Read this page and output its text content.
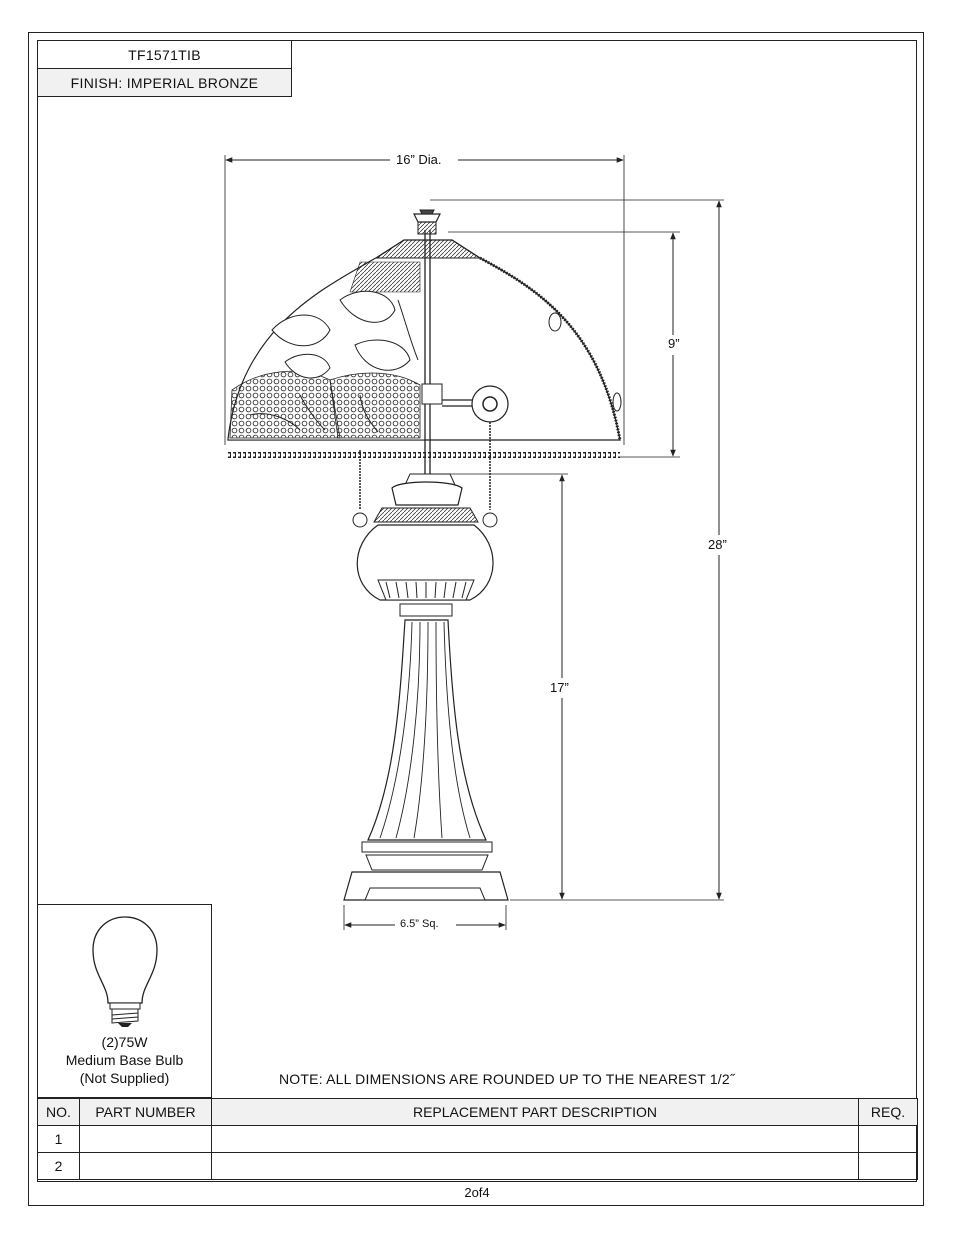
TF1571TIB
FINISH: IMPERIAL BRONZE
16” Dia.
9”
28”
17”
6.5” Sq.
(2)75W
Medium Base Bulb
(Not Supplied)	NOTE: ALL DIMENSIONS ARE ROUNDED UP TO THE NEAREST 1/2˝
NO.	PART NUMBER	REPLACEMENT PART DESCRIPTION	REQ.
1			
2			
2of4
